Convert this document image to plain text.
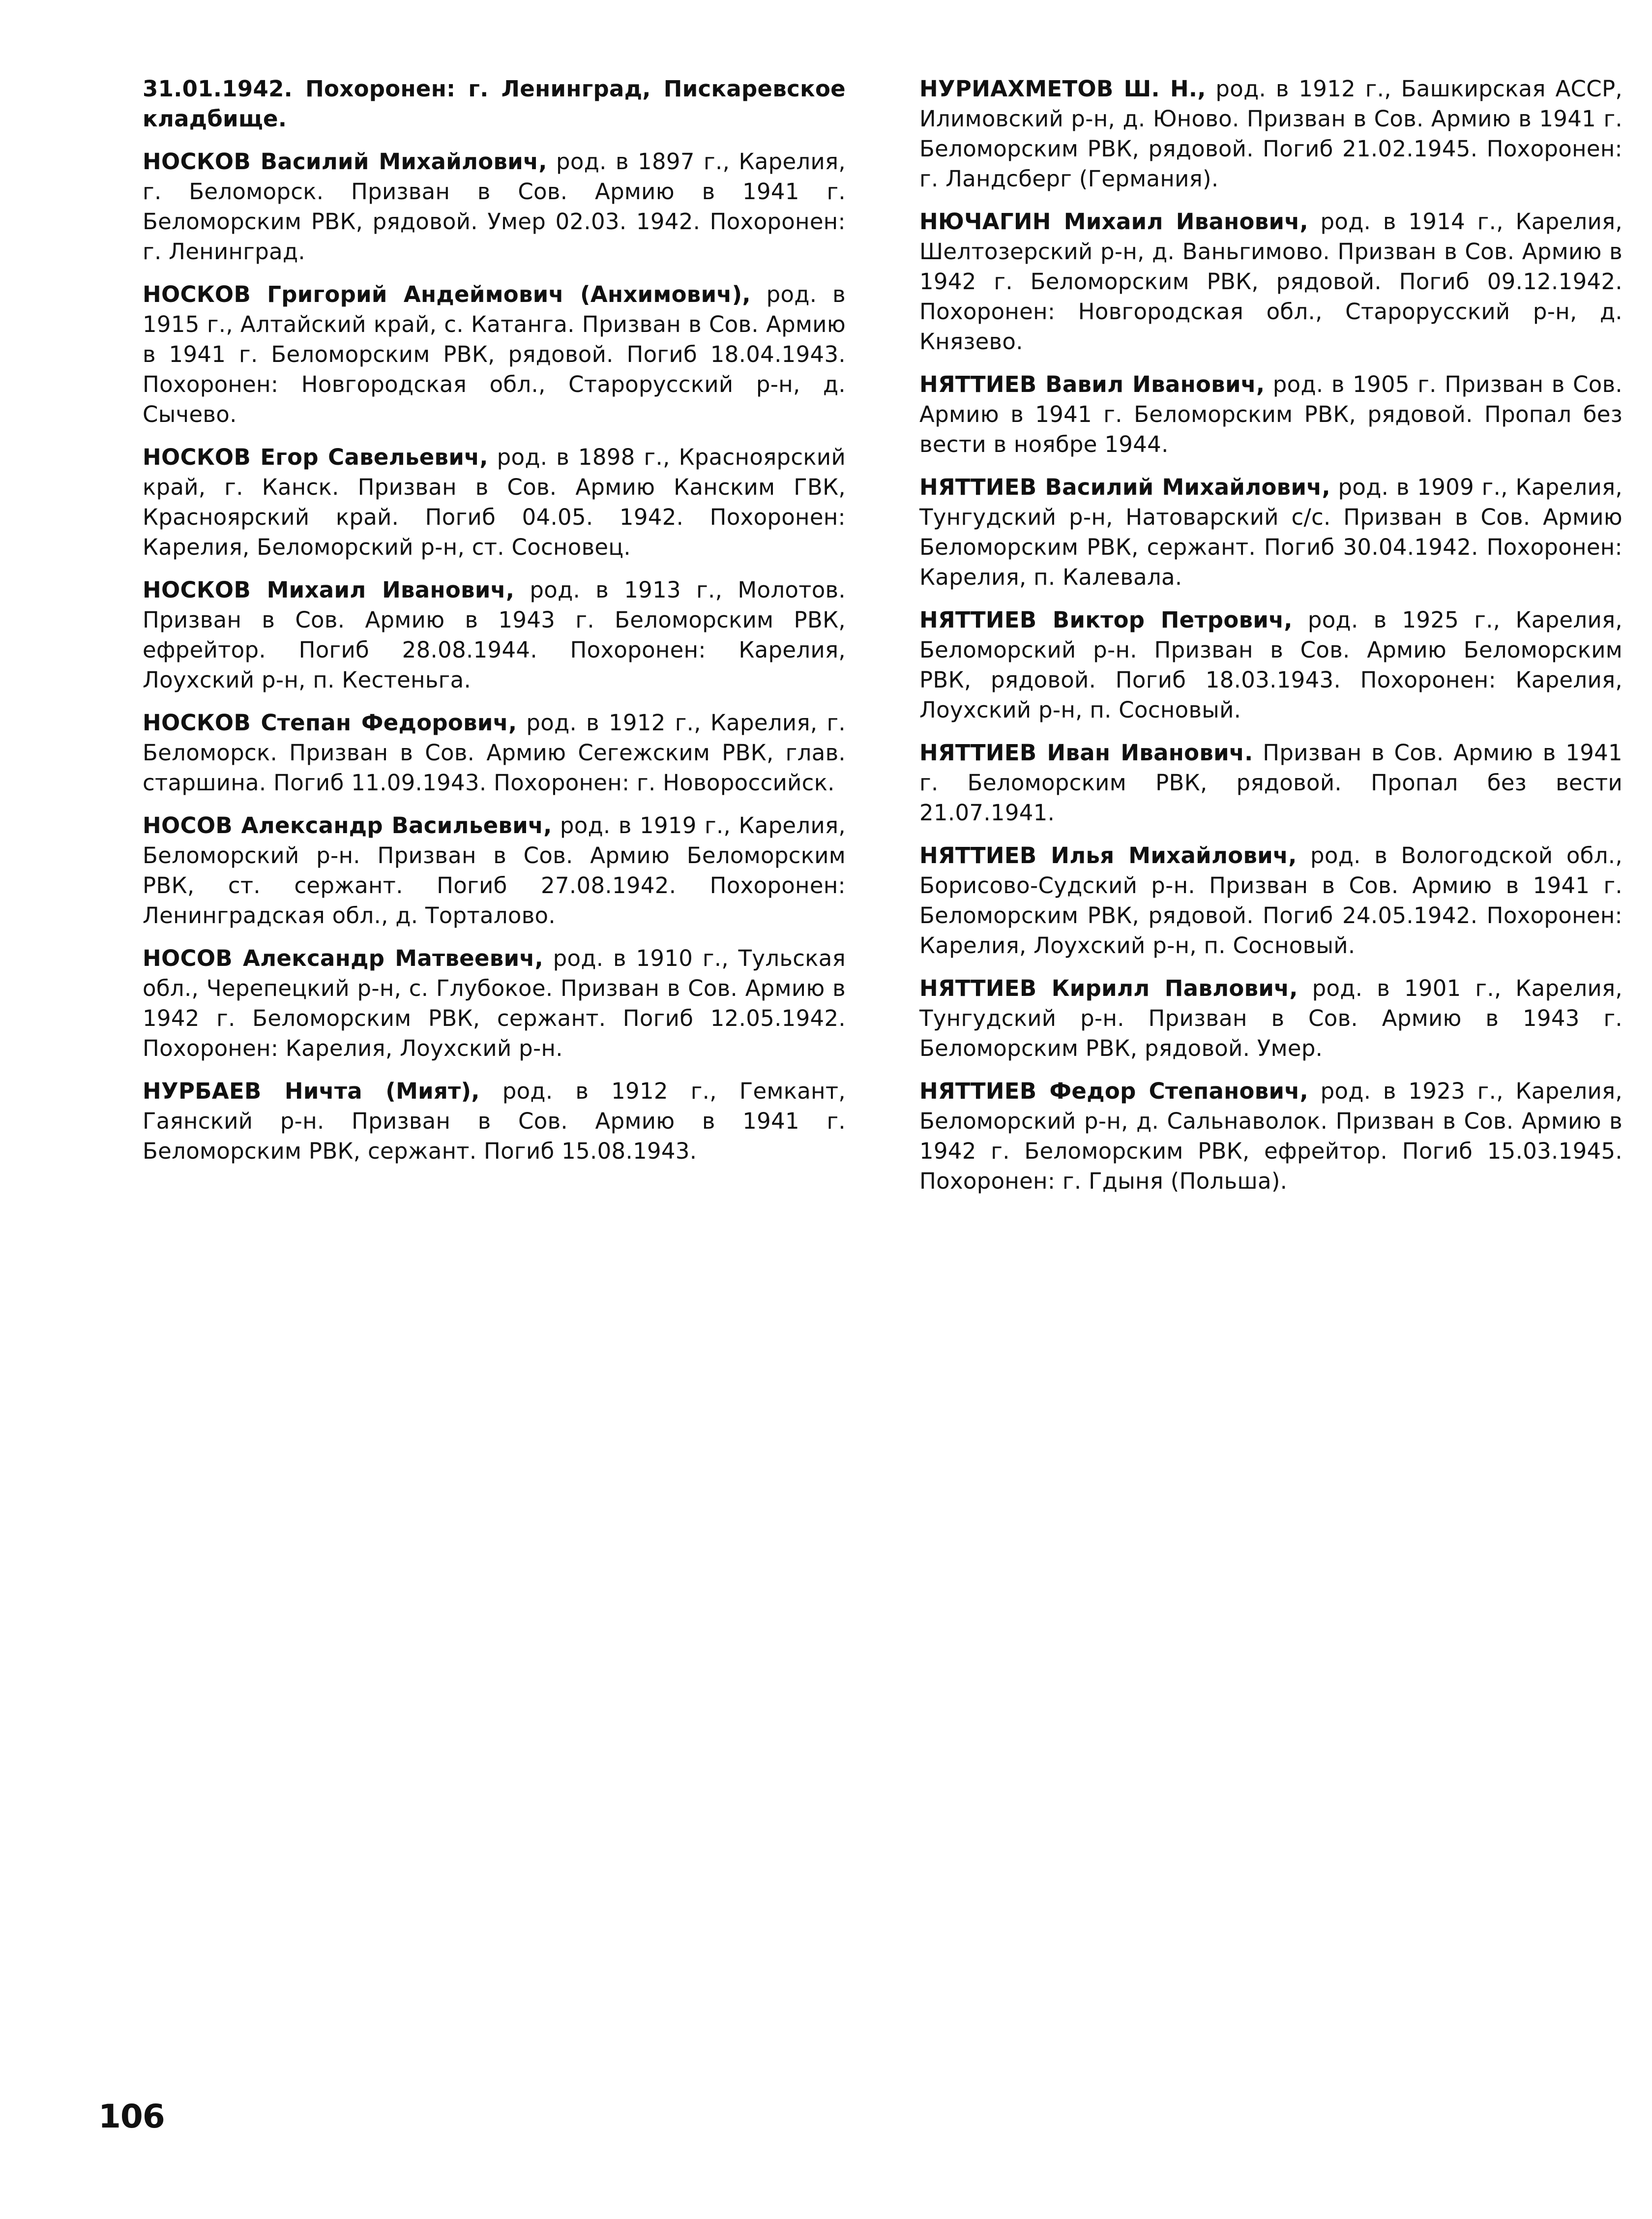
31.01.1942. Похоронен: г. Ленинград, Пискаревское кладбище.

НОСКОВ Василий Михайлович, род. в 1897 г., Карелия, г. Беломорск. Призван в Сов. Армию в 1941 г. Беломорским РВК, рядовой. Умер 02.03. 1942. Похоронен: г. Ленинград.

НОСКОВ Григорий Андеймович (Анхимович), род. в 1915 г., Алтайский край, с. Катанга. Призван в Сов. Армию в 1941 г. Беломорским РВК, рядовой. Погиб 18.04.1943. Похоронен: Новгородская обл., Старорусский р-н, д. Сычево.

НОСКОВ Егор Савельевич, род. в 1898 г., Красноярский край, г. Канск. Призван в Сов. Армию Канским ГВК, Красноярский край. Погиб 04.05. 1942. Похоронен: Карелия, Беломорский р-н, ст. Сосновец.

НОСКОВ Михаил Иванович, род. в 1913 г., Молотов. Призван в Сов. Армию в 1943 г. Беломорским РВК, ефрейтор. Погиб 28.08.1944. Похоронен: Карелия, Лоухский р-н, п. Кестеньга.

НОСКОВ Степан Федорович, род. в 1912 г., Карелия, г. Беломорск. Призван в Сов. Армию Сегежским РВК, глав. старшина. Погиб 11.09.1943. Похоронен: г. Новороссийск.

НОСОВ Александр Васильевич, род. в 1919 г., Карелия, Беломорский р-н. Призван в Сов. Армию Беломорским РВК, ст. сержант. Погиб 27.08.1942. Похоронен: Ленинградская обл., д. Торталово.

НОСОВ Александр Матвеевич, род. в 1910 г., Тульская обл., Черепецкий р-н, с. Глубокое. Призван в Сов. Армию в 1942 г. Беломорским РВК, сержант. Погиб 12.05.1942. Похоронен: Карелия, Лоухский р-н.

НУРБАЕВ Ничта (Мият), род. в 1912 г., Гемкант, Гаянский р-н. Призван в Сов. Армию в 1941 г. Беломорским РВК, сержант. Погиб 15.08.1943.

НУРИАХМЕТОВ Ш. Н., род. в 1912 г., Башкирская АССР, Илимовский р-н, д. Юново. Призван в Сов. Армию в 1941 г. Беломорским РВК, рядовой. Погиб 21.02.1945. Похоронен: г. Ландсберг (Германия).

НЮЧАГИН Михаил Иванович, род. в 1914 г., Карелия, Шелтозерский р-н, д. Ваньгимово. Призван в Сов. Армию в 1942 г. Беломорским РВК, рядовой. Погиб 09.12.1942. Похоронен: Новгородская обл., Старорусский р-н, д. Князево.

НЯТТИЕВ Вавил Иванович, род. в 1905 г. Призван в Сов. Армию в 1941 г. Беломорским РВК, рядовой. Пропал без вести в ноябре 1944.

НЯТТИЕВ Василий Михайлович, род. в 1909 г., Карелия, Тунгудский р-н, Натоварский с/с. Призван в Сов. Армию Беломорским РВК, сержант. Погиб 30.04.1942. Похоронен: Карелия, п. Калевала.

НЯТТИЕВ Виктор Петрович, род. в 1925 г., Карелия, Беломорский р-н. Призван в Сов. Армию Беломорским РВК, рядовой. Погиб 18.03.1943. Похоронен: Карелия, Лоухский р-н, п. Сосновый.

НЯТТИЕВ Иван Иванович. Призван в Сов. Армию в 1941 г. Беломорским РВК, рядовой. Пропал без вести 21.07.1941.

НЯТТИЕВ Илья Михайлович, род. в Вологодской обл., Борисово-Судский р-н. Призван в Сов. Армию в 1941 г. Беломорским РВК, рядовой. Погиб 24.05.1942. Похоронен: Карелия, Лоухский р-н, п. Сосновый.

НЯТТИЕВ Кирилл Павлович, род. в 1901 г., Карелия, Тунгудский р-н. Призван в Сов. Армию в 1943 г. Беломорским РВК, рядовой. Умер.

НЯТТИЕВ Федор Степанович, род. в 1923 г., Карелия, Беломорский р-н, д. Сальнаволок. Призван в Сов. Армию в 1942 г. Беломорским РВК, ефрейтор. Погиб 15.03.1945. Похоронен: г. Гдыня (Польша).

106
